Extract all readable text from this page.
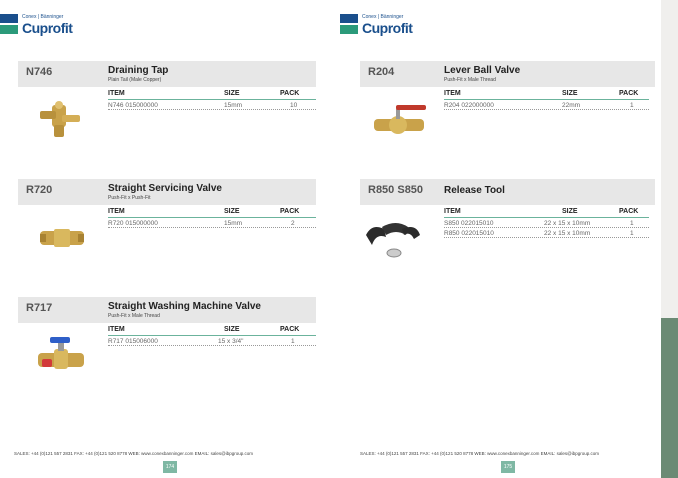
Conex | Bänninger
Cuprofit
N746	Draining Tap
Plain Tail (Male Copper)
ITEM	SIZE	PACK
N746 015000000	15mm	10
R720	Straight Servicing Valve
Push-Fit x Push-Fit
ITEM	SIZE	PACK
R720 015000000	15mm	2
R717	Straight Washing Machine Valve
Push-Fit x Male Thread
ITEM	SIZE	PACK
R717 015006000	15 x 3/4"	1
SALES: +44 (0)121 557 2831 FAX: +44 (0)121 520 8778 WEB: www.conexbanninger.com EMAIL: sales@ibpgroup.com
174
Conex | Bänninger
Cuprofit
R204	Lever Ball Valve
Push-Fit x Male Thread
ITEM	SIZE	PACK
R204 022000000	22mm	1
R850 S850 Release Tool
ITEM	SIZE	PACK
S850 022015010	22 x 15 x 10mm	1
R850 022015010	22 x 15 x 10mm	1
SALES: +44 (0)121 557 2831 FAX: +44 (0)121 520 8778 WEB: www.conexbanninger.com EMAIL: sales@ibpgroup.com
175
